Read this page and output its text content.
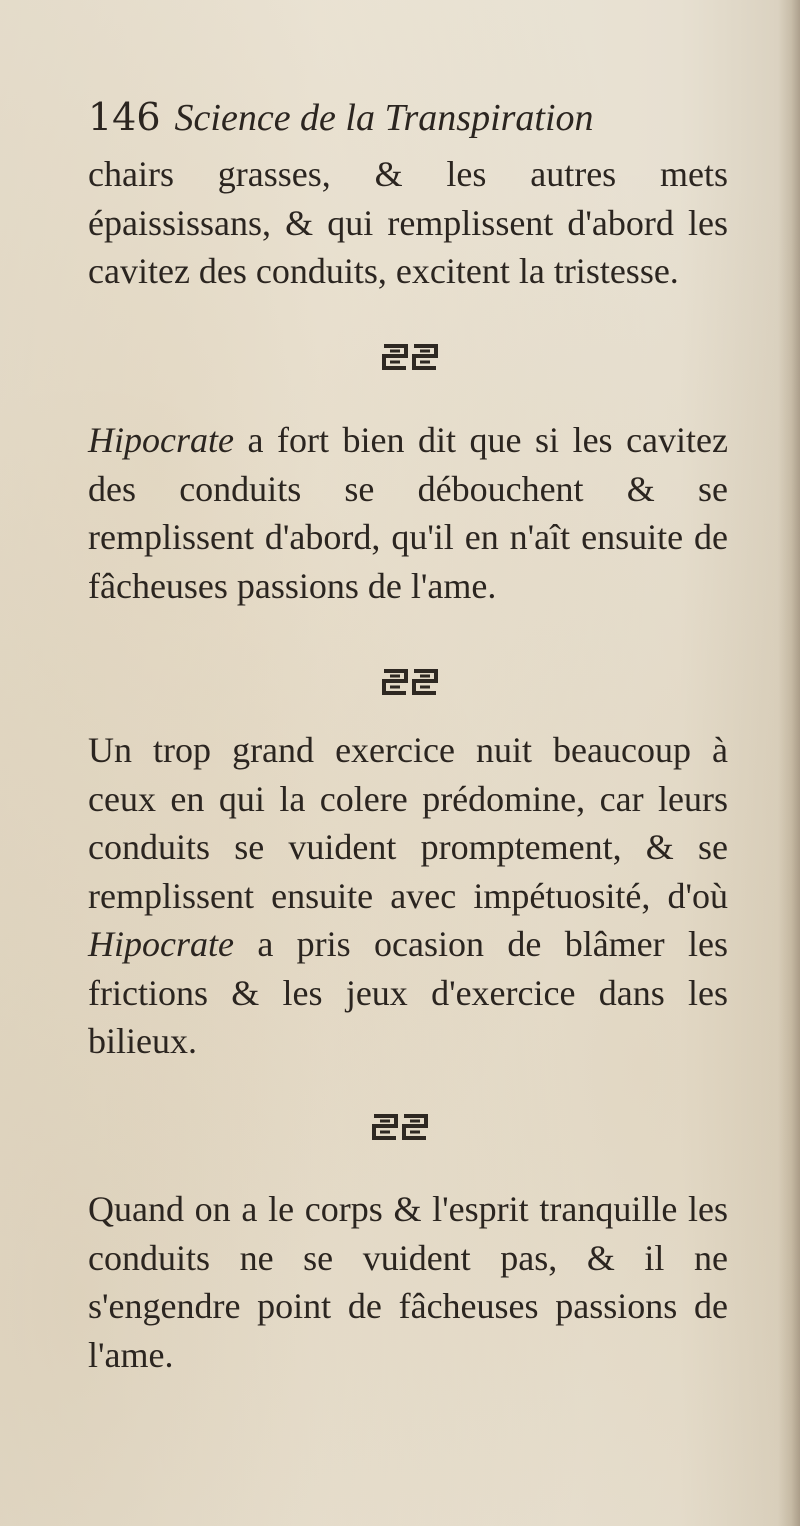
146 Science de la Transpiration
chairs grasses, & les autres mets épaississans, & qui remplissent d'abord les cavitez des conduits, excitent la tristesse.
Hipocrate a fort bien dit que si les cavitez des conduits se débouchent & se remplissent d'abord, qu'il en n'aît ensuite de fâcheuses passions de l'ame.
Un trop grand exercice nuit beaucoup à ceux en qui la colere prédomine, car leurs conduits se vuident promptement, & se remplissent ensuite avec impétuosité, d'où Hipocrate a pris ocasion de blâmer les frictions & les jeux d'exercice dans les bilieux.
Quand on a le corps & l'esprit tranquille les conduits ne se vuident pas, & il ne s'engendre point de fâcheuses passions de l'ame.
